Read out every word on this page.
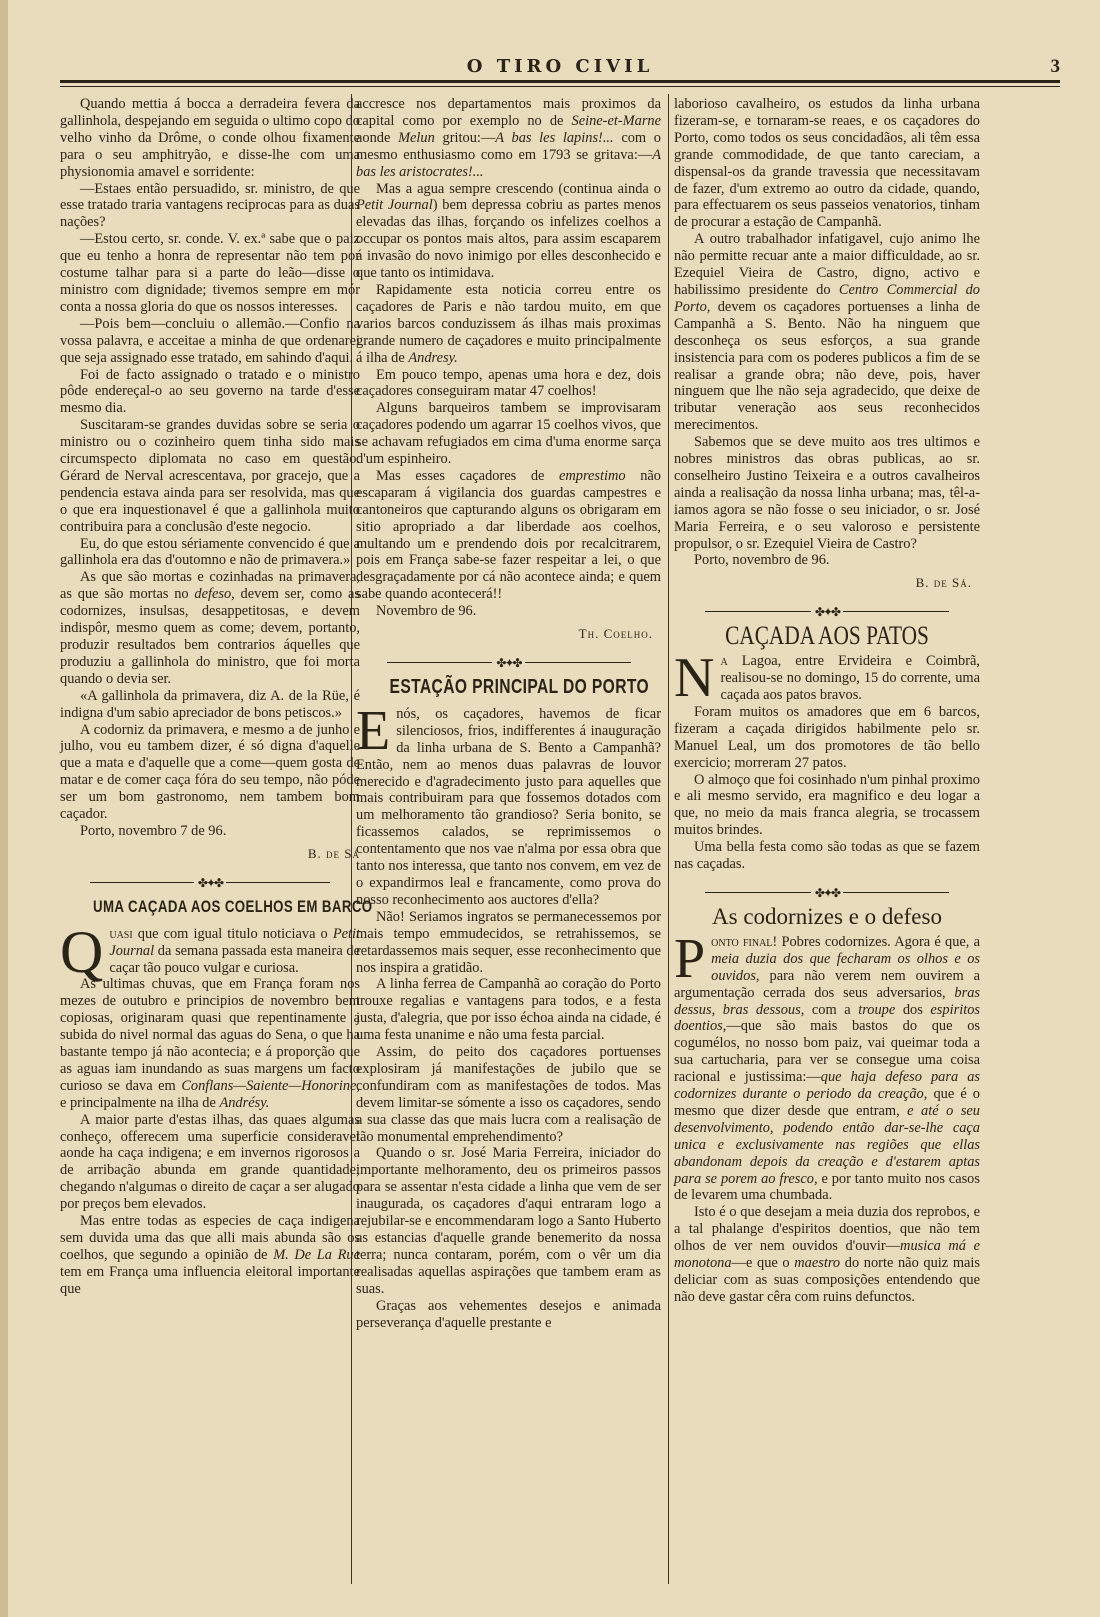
O TIRO CIVIL	3

Quando mettia á bocca a derradeira fevera da gallinhola, despejando em seguida o ultimo copo do velho vinho da Drôme, o conde olhou fixamente para o seu amphitryão, e disse-lhe com uma physionomia amavel e sorridente:

—Estaes então persuadido, sr. ministro, de que esse tratado traria vantagens reciprocas para as duas nações?

—Estou certo, sr. conde. V. ex.ª sabe que o paiz que eu tenho a honra de representar não tem por costume talhar para si a parte do leão—disse o ministro com dignidade; tivemos sempre em mór conta a nossa gloria do que os nossos interesses.

—Pois bem—concluiu o allemão.—Confio na vossa palavra, e acceitae a minha de que ordenarei que seja assignado esse tratado, em sahindo d'aqui.

Foi de facto assignado o tratado e o ministro pôde endereçal-o ao seu governo na tarde d'esse mesmo dia.

Suscitaram-se grandes duvidas sobre se seria o ministro ou o cozinheiro quem tinha sido mais circumspecto diplomata no caso em questão. Gérard de Nerval acrescentava, por gracejo, que a pendencia estava ainda para ser resolvida, mas que o que era inquestionavel é que a gallinhola muito contribuira para a conclusão d'este negocio.

Eu, do que estou sériamente convencido é que a gallinhola era das d'outomno e não de primavera.»

As que são mortas e cozinhadas na primavera, as que são mortas no defeso, devem ser, como as codornizes, insulsas, desappetitosas, e devem indispôr, mesmo quem as come; devem, portanto, produzir resultados bem contrarios áquelles que produziu a gallinhola do ministro, que foi morta quando o devia ser.

«A gallinhola da primavera, diz A. de la Rüe, é indigna d'um sabio apreciador de bons petiscos.»

A codorniz da primavera, e mesmo a de junho e julho, vou eu tambem dizer, é só digna d'aquelle que a mata e d'aquelle que a come—quem gosta de matar e de comer caça fóra do seu tempo, não póde ser um bom gastronomo, nem tambem bom caçador.

Porto, novembro 7 de 96.

B. de Sá
✤✦✤
UMA CAÇADA AOS COELHOS EM BARCO

Quasi que com igual titulo noticiava o Petit Journal da semana passada esta maneira de caçar tão pouco vulgar e curiosa.

As ultimas chuvas, que em França foram nos mezes de outubro e principios de novembro bem copiosas, originaram quasi que repentinamente a subida do nivel normal das aguas do Sena, o que ha bastante tempo já não acontecia; e á proporção que as aguas iam inundando as suas margens um facto curioso se dava em Conflans—Saiente—Honorine, e principalmente na ilha de Andrésy.

A maior parte d'estas ilhas, das quaes algumas conheço, offerecem uma superficie consideravel aonde ha caça indigena; e em invernos rigorosos a de arribação abunda em grande quantidade; chegando n'algumas o direito de caçar a ser alugado por preços bem elevados.

Mas entre todas as especies de caça indigena sem duvida uma das que alli mais abunda são os coelhos, que segundo a opinião de M. De La Rue tem em França uma influencia eleitoral importante que

accresce nos departamentos mais proximos da capital como por exemplo no de Seine-et-Marne aonde Melun gritou:—A bas les lapins!... com o mesmo enthusiasmo como em 1793 se gritava:—A bas les aristocrates!...

Mas a agua sempre crescendo (continua ainda o Petit Journal) bem depressa cobriu as partes menos elevadas das ilhas, forçando os infelizes coelhos a occupar os pontos mais altos, para assim escaparem á invasão do novo inimigo por elles desconhecido e que tanto os intimidava.

Rapidamente esta noticia correu entre os caçadores de Paris e não tardou muito, em que varios barcos conduzissem ás ilhas mais proximas grande numero de caçadores e muito principalmente á ilha de Andresy.

Em pouco tempo, apenas uma hora e dez, dois caçadores conseguiram matar 47 coelhos!

Alguns barqueiros tambem se improvisaram caçadores podendo um agarrar 15 coelhos vivos, que se achavam refugiados em cima d'uma enorme sarça d'um espinheiro.

Mas esses caçadores de emprestimo não escaparam á vigilancia dos guardas campestres e cantoneiros que capturando alguns os obrigaram em sitio apropriado a dar liberdade aos coelhos, multando um e prendendo dois por recalcitrarem, pois em França sabe-se fazer respeitar a lei, o que desgraçadamente por cá não acontece ainda; e quem sabe quando acontecerá!!

Novembro de 96.

Th. Coelho.
✤✦✤
ESTAÇÃO PRINCIPAL DO PORTO

Enós, os caçadores, havemos de ficar silenciosos, frios, indifferentes á inauguração da linha urbana de S. Bento a Campanhã? Então, nem ao menos duas palavras de louvor merecido e d'agradecimento justo para aquelles que mais contribuiram para que fossemos dotados com um melhoramento tão grandioso? Seria bonito, se ficassemos calados, se reprimissemos o contentamento que nos vae n'alma por essa obra que tanto nos interessa, que tanto nos convem, em vez de o expandirmos leal e francamente, como prova do nosso reconhecimento aos auctores d'ella?

Não! Seriamos ingratos se permanecessemos por mais tempo emmudecidos, se retrahissemos, se retardassemos mais sequer, esse reconhecimento que nos inspira a gratidão.

A linha ferrea de Campanhã ao coração do Porto trouxe regalias e vantagens para todos, e a festa justa, d'alegria, que por isso échoa ainda na cidade, é uma festa unanime e não uma festa parcial.

Assim, do peito dos caçadores portuenses explosiram já manifestações de jubilo que se confundiram com as manifestações de todos. Mas devem limitar-se sómente a isso os caçadores, sendo a sua classe das que mais lucra com a realisação de tão monumental emprehendimento?

Quando o sr. José Maria Ferreira, iniciador do importante melhoramento, deu os primeiros passos para se assentar n'esta cidade a linha que vem de ser inaugurada, os caçadores d'aqui entraram logo a rejubilar-se e encommendaram logo a Santo Huberto as estancias d'aquelle grande benemerito da nossa terra; nunca contaram, porém, com o vêr um dia realisadas aquellas aspirações que tambem eram as suas.

Graças aos vehementes desejos e animada perseverança d'aquelle prestante e

laborioso cavalheiro, os estudos da linha urbana fizeram-se, e tornaram-se reaes, e os caçadores do Porto, como todos os seus concidadãos, ali têm essa grande commodidade, de que tanto careciam, a dispensal-os da grande travessia que necessitavam de fazer, d'um extremo ao outro da cidade, quando, para effectuarem os seus passeios venatorios, tinham de procurar a estação de Campanhã.

A outro trabalhador infatigavel, cujo animo lhe não permitte recuar ante a maior difficuldade, ao sr. Ezequiel Vieira de Castro, digno, activo e habilissimo presidente do Centro Commercial do Porto, devem os caçadores portuenses a linha de Campanhã a S. Bento. Não ha ninguem que desconheça os seus esforços, a sua grande insistencia para com os poderes publicos a fim de se realisar a grande obra; não deve, pois, haver ninguem que lhe não seja agradecido, que deixe de tributar veneração aos seus reconhecidos merecimentos.

Sabemos que se deve muito aos tres ultimos e nobres ministros das obras publicas, ao sr. conselheiro Justino Teixeira e a outros cavalheiros ainda a realisação da nossa linha urbana; mas, têl-a-iamos agora se não fosse o seu iniciador, o sr. José Maria Ferreira, e o seu valoroso e persistente propulsor, o sr. Ezequiel Vieira de Castro?

Porto, novembro de 96.

B. de Sá.
✤✦✤
CAÇADA AOS PATOS

Na Lagoa, entre Ervideira e Coimbrã, realisou-se no domingo, 15 do corrente, uma caçada aos patos bravos.

Foram muitos os amadores que em 6 barcos, fizeram a caçada dirigidos habilmente pelo sr. Manuel Leal, um dos promotores de tão bello exercicio; morreram 27 patos.

O almoço que foi cosinhado n'um pinhal proximo e ali mesmo servido, era magnifico e deu logar a que, no meio da mais franca alegria, se trocassem muitos brindes.

Uma bella festa como são todas as que se fazem nas caçadas.

✤✦✤
As codornizes e o defeso

Ponto final! Pobres codornizes. Agora é que, a meia duzia dos que fecharam os olhos e os ouvidos, para não verem nem ouvirem a argumentação cerrada dos seus adversarios, bras dessus, bras dessous, com a troupe dos espiritos doentios,—que são mais bastos do que os cogumélos, no nosso bom paiz, vai queimar toda a sua cartucharia, para ver se consegue uma coisa racional e justissima:—que haja defeso para as codornizes durante o periodo da creação, que é o mesmo que dizer desde que entram, e até o seu desenvolvimento, podendo então dar-se-lhe caça unica e exclusivamente nas regiões que ellas abandonam depois da creação e d'estarem aptas para se porem ao fresco, e por tanto muito nos casos de levarem uma chumbada.

Isto é o que desejam a meia duzia dos reprobos, e a tal phalange d'espiritos doentios, que não tem olhos de ver nem ouvidos d'ouvir—musica má e monotona—e que o maestro do norte não quiz mais deliciar com as suas composições entendendo que não deve gastar cêra com ruins defunctos.
